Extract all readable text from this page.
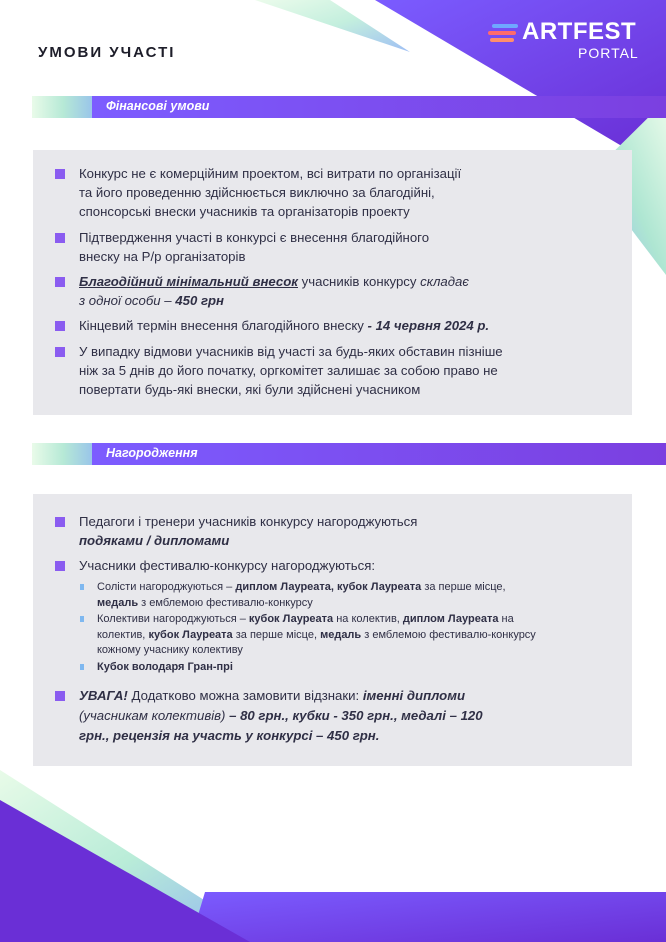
УМОВИ УЧАСТІ
ARTFEST
PORTAL
Фінансові умови
Конкурс не є комерційним проектом, всі витрати по організації
та його проведенню здійснюється виключно за благодійні,
спонсорські внески учасників та організаторів проекту
Підтвердження участі в конкурсі є внесення благодійного
внеску на Р/р організаторів
Благодійний мінімальний внесок учасників конкурсу складає
з одної особи – 450 грн
Кінцевий термін внесення благодійного внеску - 14 червня 2024 р.
У випадку відмови учасників від участі за будь-яких обставин пізніше
ніж за 5 днів до його початку, оргкомітет залишає за собою право не
повертати будь-які внески, які були здійснені учасником
Нагородження
Педагоги і тренери учасників конкурсу нагороджуються
подяками / дипломами
Учасники фестивалю-конкурсу нагороджуються:
Солісти нагороджуються – диплом Лауреата, кубок Лауреата за перше місце,
медаль з емблемою фестивалю-конкурсу
Колективи нагороджуються – кубок Лауреата на колектив, диплом Лауреата на
колектив, кубок Лауреата за перше місце, медаль з емблемою фестивалю-конкурсу
кожному учаснику колективу
Кубок володаря Гран-прі
УВАГА! Додатково можна замовити відзнаки: іменні дипломи
(учасникам колективів) – 80 грн., кубки - 350 грн., медалі – 120
грн., рецензія на участь у конкурсі – 450 грн.
